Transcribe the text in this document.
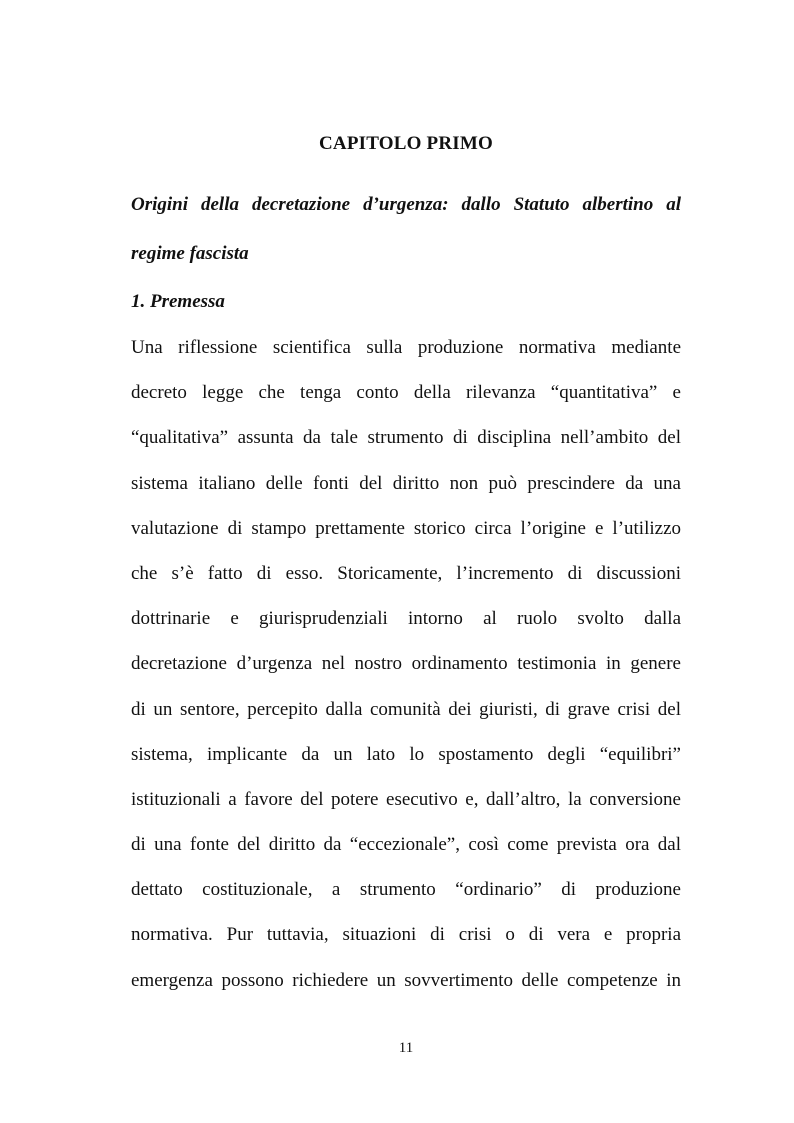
CAPITOLO PRIMO
Origini della decretazione d’urgenza: dallo Statuto albertino al
regime fascista
1. Premessa
Una riflessione scientifica sulla produzione normativa mediante
decreto legge che tenga conto della rilevanza “quantitativa” e
“qualitativa” assunta da tale strumento di disciplina nell’ambito del
sistema italiano delle fonti del diritto non può prescindere da una
valutazione di stampo prettamente storico circa l’origine e l’utilizzo
che s’è fatto di esso. Storicamente, l’incremento di discussioni
dottrinarie e giurisprudenziali intorno al ruolo svolto dalla
decretazione d’urgenza nel nostro ordinamento testimonia in genere
di un sentore, percepito dalla comunità dei giuristi, di grave crisi del
sistema, implicante da un lato lo spostamento degli “equilibri”
istituzionali a favore del potere esecutivo e, dall’altro, la conversione
di una fonte del diritto da “eccezionale”, così come prevista ora dal
dettato costituzionale, a strumento “ordinario” di produzione
normativa. Pur tuttavia, situazioni di crisi o di vera e propria
emergenza possono richiedere un sovvertimento delle competenze in
11
